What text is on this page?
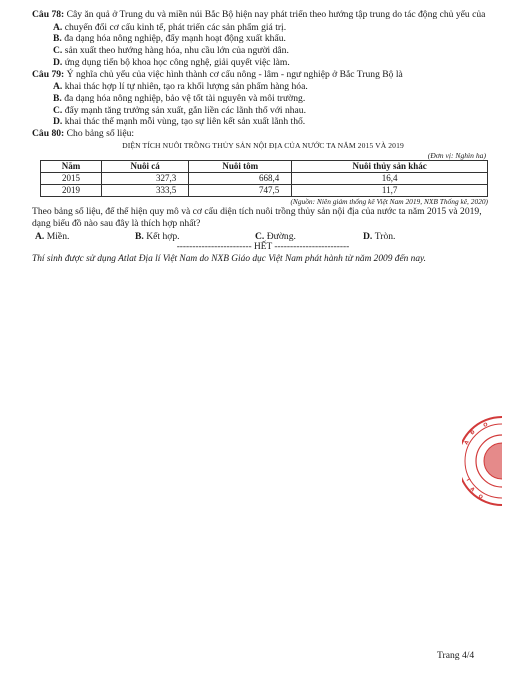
Câu 78: Cây ăn quả ở Trung du và miền núi Bắc Bộ hiện nay phát triển theo hướng tập trung do tác động chủ yếu của
A. chuyển đổi cơ cấu kinh tế, phát triển các sản phẩm giá trị.
B. đa dạng hóa nông nghiệp, đẩy mạnh hoạt động xuất khẩu.
C. sản xuất theo hướng hàng hóa, nhu cầu lớn của người dân.
D. ứng dụng tiến bộ khoa học công nghệ, giải quyết việc làm.
Câu 79: Ý nghĩa chủ yếu của việc hình thành cơ cấu nông - lâm - ngư nghiệp ở Bắc Trung Bộ là
A. khai thác hợp lí tự nhiên, tạo ra khối lượng sản phẩm hàng hóa.
B. đa dạng hóa nông nghiệp, bảo vệ tốt tài nguyên và môi trường.
C. đẩy mạnh tăng trưởng sản xuất, gắn liền các lãnh thổ với nhau.
D. khai thác thế mạnh mỗi vùng, tạo sự liên kết sản xuất lãnh thổ.
Câu 80: Cho bảng số liệu:
DIỆN TÍCH NUÔI TRỒNG THỦY SẢN NỘI ĐỊA CỦA NƯỚC TA NĂM 2015 VÀ 2019
(Đơn vị: Nghìn ha)
Năm	Nuôi cá	Nuôi tôm	Nuôi thủy sản khác
2015	327,3	668,4	16,4
2019	333,5	747,5	11,7
(Nguồn: Niên giám thống kê Việt Nam 2019, NXB Thống kê, 2020)
Theo bảng số liệu, để thể hiện quy mô và cơ cấu diện tích nuôi trồng thủy sản nội địa của nước ta năm 2015 và 2019, dạng biểu đồ nào sau đây là thích hợp nhất?
A. Miền.	B. Kết hợp.	C. Đường.	D. Tròn.
------------------------ HẾT ------------------------
Thí sinh được sử dụng Atlat Địa lí Việt Nam do NXB Giáo dục Việt Nam phát hành từ năm 2009 đến nay.
Đ
À
O
T
Ạ
O
Trang 4/4
